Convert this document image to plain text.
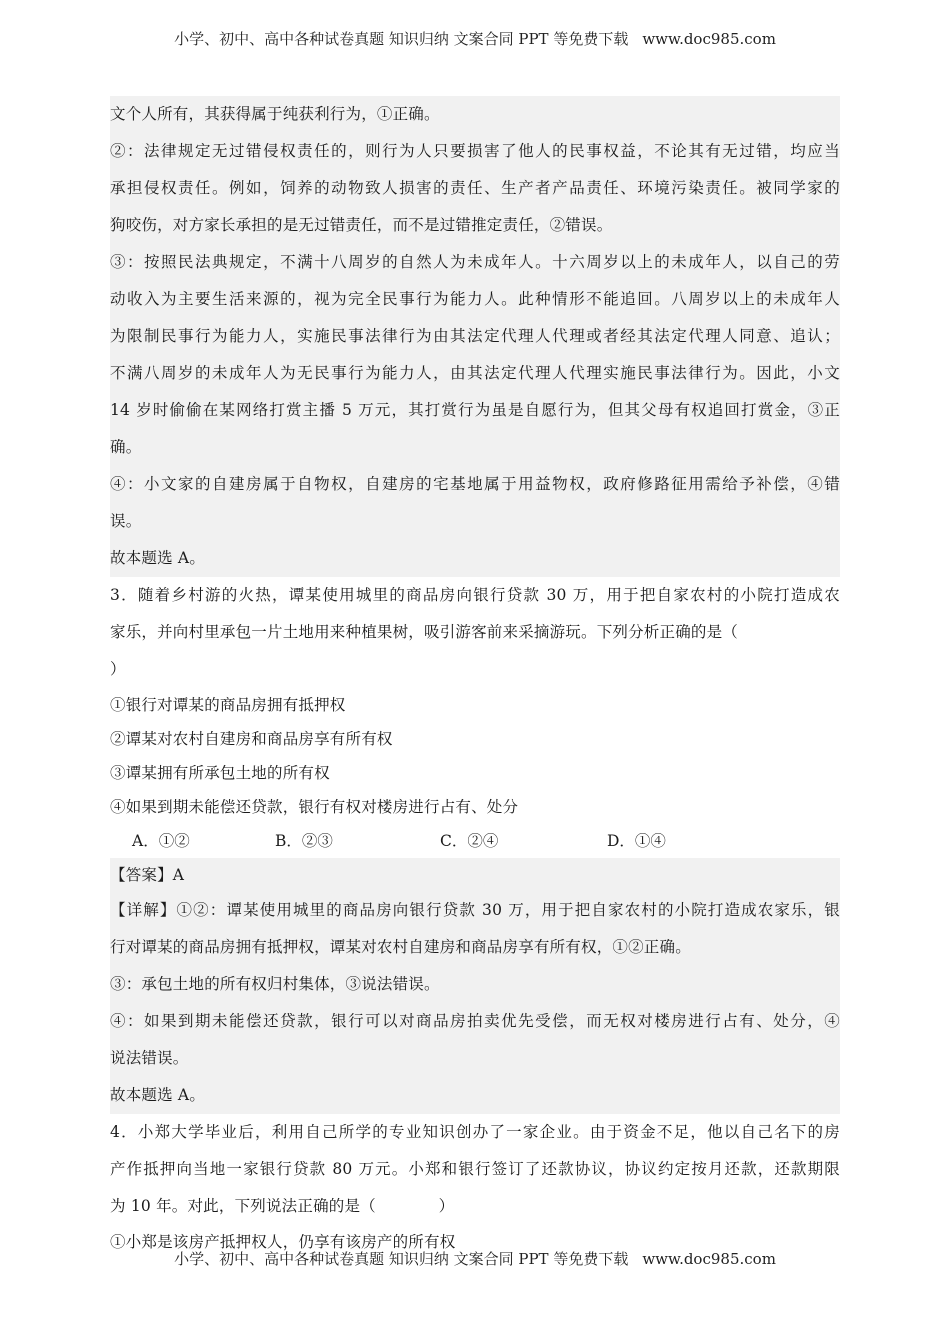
小学、初中、高中各种试卷真题 知识归纳 文案合同 PPT 等免费下载 www.doc985.com
文个人所有，其获得属于纯获利行为，①正确。
②：法律规定无过错侵权责任的，则行为人只要损害了他人的民事权益，不论其有无过错，均应当
承担侵权责任。例如，饲养的动物致人损害的责任、生产者产品责任、环境污染责任。被同学家的
狗咬伤，对方家长承担的是无过错责任，而不是过错推定责任，②错误。
③：按照民法典规定，不满十八周岁的自然人为未成年人。十六周岁以上的未成年人，以自己的劳
动收入为主要生活来源的，视为完全民事行为能力人。此种情形不能追回。八周岁以上的未成年人
为限制民事行为能力人，实施民事法律行为由其法定代理人代理或者经其法定代理人同意、追认；
不满八周岁的未成年人为无民事行为能力人，由其法定代理人代理实施民事法律行为。因此，小文
14 岁时偷偷在某网络打赏主播 5 万元，其打赏行为虽是自愿行为，但其父母有权追回打赏金，③正
确。
④：小文家的自建房属于自物权，自建房的宅基地属于用益物权，政府修路征用需给予补偿，④错
误。
故本题选 A。
3．随着乡村游的火热，谭某使用城里的商品房向银行贷款 30 万，用于把自家农村的小院打造成农
家乐，并向村里承包一片土地用来种植果树，吸引游客前来采摘游玩。下列分析正确的是（
）
①银行对谭某的商品房拥有抵押权
②谭某对农村自建房和商品房享有所有权
③谭某拥有所承包土地的所有权
④如果到期未能偿还贷款，银行有权对楼房进行占有、处分
A．①②	B．②③	C．②④	D．①④
【答案】A
【详解】①②：谭某使用城里的商品房向银行贷款 30 万，用于把自家农村的小院打造成农家乐，银
行对谭某的商品房拥有抵押权，谭某对农村自建房和商品房享有所有权，①②正确。
③：承包土地的所有权归村集体，③说法错误。
④：如果到期未能偿还贷款，银行可以对商品房拍卖优先受偿，而无权对楼房进行占有、处分，④
说法错误。
故本题选 A。
4．小郑大学毕业后，利用自己所学的专业知识创办了一家企业。由于资金不足，他以自己名下的房
产作抵押向当地一家银行贷款 80 万元。小郑和银行签订了还款协议，协议约定按月还款，还款期限
为 10 年。对此，下列说法正确的是（　　　　）
①小郑是该房产抵押权人，仍享有该房产的所有权
小学、初中、高中各种试卷真题 知识归纳 文案合同 PPT 等免费下载 www.doc985.com
